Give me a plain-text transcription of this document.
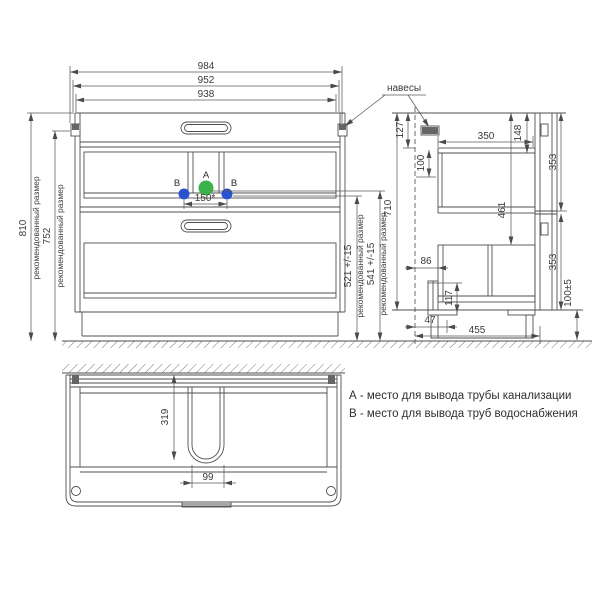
А
В	В
984
952
938
810 рекомендованный размер 752 рекомендованный размер	150*
521 +/-15 рекомендованный размер 541 +/-15 рекомендованный размер
710
навесы
127
100
350 148
353
353
461
86
117	100±5
47
455
319
99
А - место для вывода трубы канализации
В - место для вывода труб водоснабжения
